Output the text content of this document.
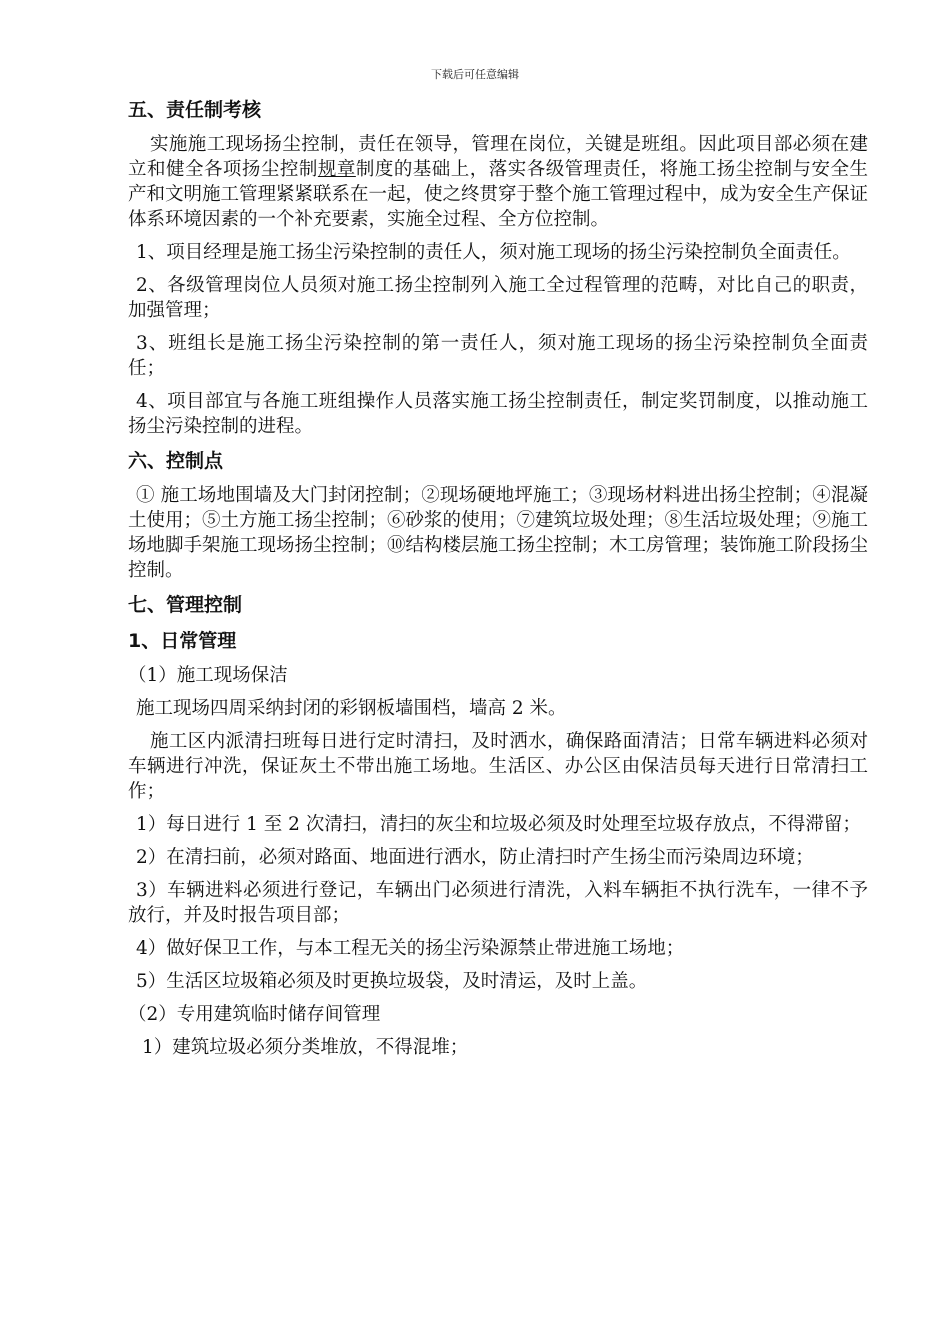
下载后可任意编辑
五、责任制考核
实施施工现场扬尘控制，责任在领导，管理在岗位，关键是班组。因此项目部必须在建立和健全各项扬尘控制规章制度的基础上，落实各级管理责任，将施工扬尘控制与安全生产和文明施工管理紧紧联系在一起，使之终贯穿于整个施工管理过程中，成为安全生产保证体系环境因素的一个补充要素，实施全过程、全方位控制。
1、项目经理是施工扬尘污染控制的责任人，须对施工现场的扬尘污染控制负全面责任。
2、各级管理岗位人员须对施工扬尘控制列入施工全过程管理的范畴，对比自己的职责，加强管理；
3、班组长是施工扬尘污染控制的第一责任人，须对施工现场的扬尘污染控制负全面责任；
4、项目部宜与各施工班组操作人员落实施工扬尘控制责任，制定奖罚制度，以推动施工扬尘污染控制的进程。
六、控制点
① 施工场地围墙及大门封闭控制；②现场硬地坪施工；③现场材料进出扬尘控制；④混凝土使用；⑤土方施工扬尘控制；⑥砂浆的使用；⑦建筑垃圾处理；⑧生活垃圾处理；⑨施工场地脚手架施工现场扬尘控制；⑩结构楼层施工扬尘控制；木工房管理；装饰施工阶段扬尘控制。
七、管理控制
1、日常管理
（1）施工现场保洁
施工现场四周采纳封闭的彩钢板墙围档，墙高 2 米。
施工区内派清扫班每日进行定时清扫，及时洒水，确保路面清洁；日常车辆进料必须对车辆进行冲洗，保证灰土不带出施工场地。生活区、办公区由保洁员每天进行日常清扫工作；
1）每日进行 1 至 2 次清扫，清扫的灰尘和垃圾必须及时处理至垃圾存放点，不得滞留；
2）在清扫前，必须对路面、地面进行洒水，防止清扫时产生扬尘而污染周边环境；
3）车辆进料必须进行登记，车辆出门必须进行清洗，入料车辆拒不执行洗车，一律不予放行，并及时报告项目部；
4）做好保卫工作，与本工程无关的扬尘污染源禁止带进施工场地；
5）生活区垃圾箱必须及时更换垃圾袋，及时清运，及时上盖。
（2）专用建筑临时储存间管理
1）建筑垃圾必须分类堆放，不得混堆；
